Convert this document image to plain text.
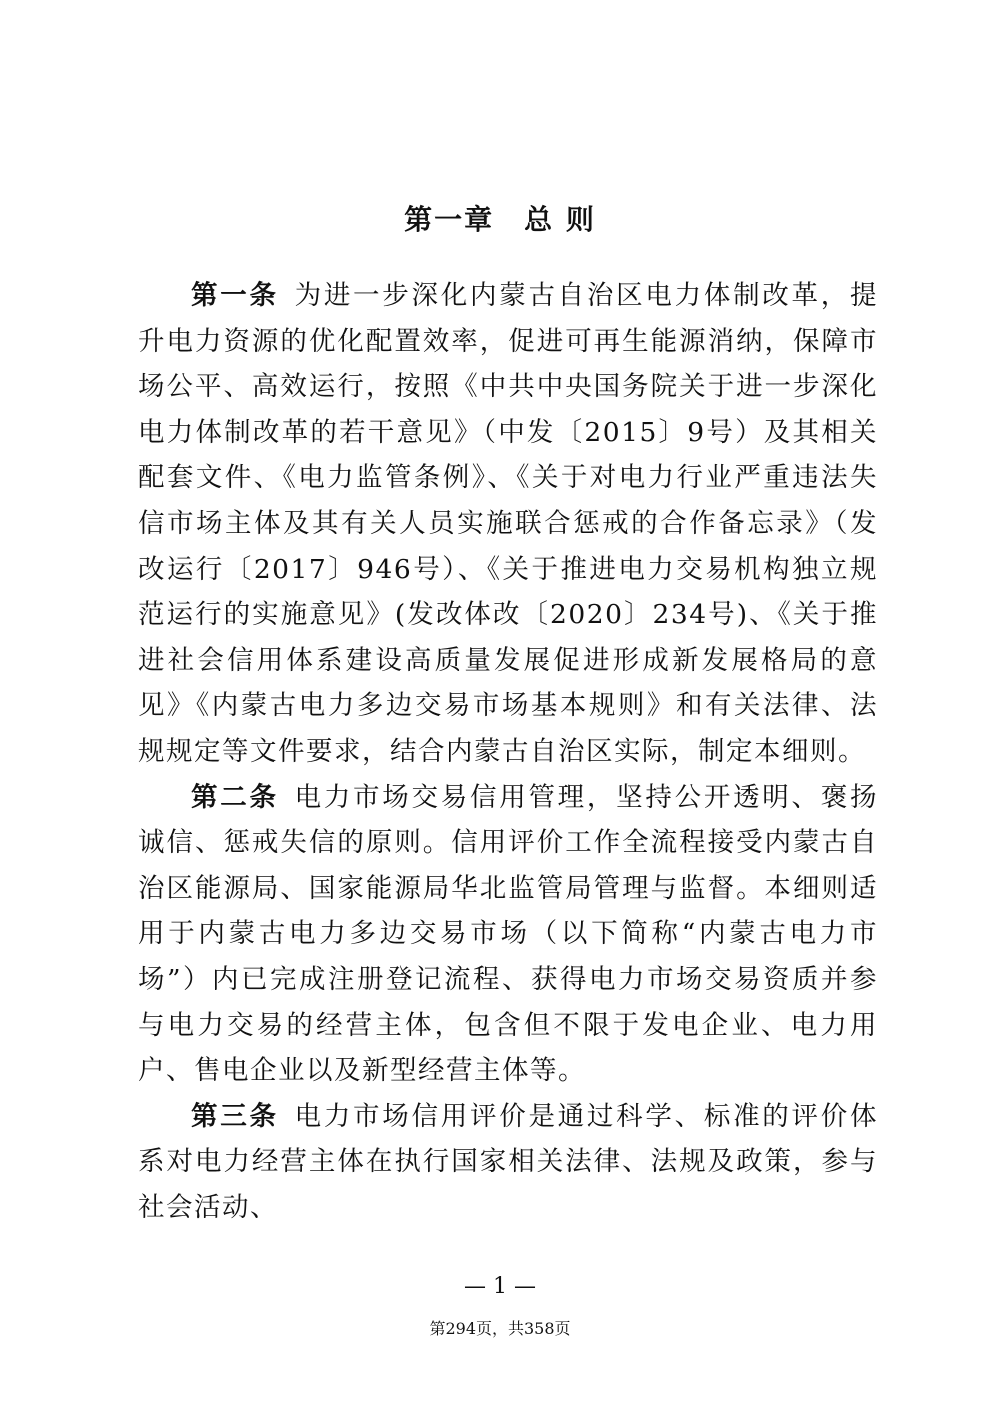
第一章 总 则

第一条 为进一步深化内蒙古自治区电力体制改革，提升电力资源的优化配置效率，促进可再生能源消纳，保障市场公平、高效运行，按照《中共中央国务院关于进一步深化电力体制改革的若干意见》（中发〔2015〕9号）及其相关配套文件、《电力监管条例》、《关于对电力行业严重违法失信市场主体及其有关人员实施联合惩戒的合作备忘录》（发改运行〔2017〕946号）、《关于推进电力交易机构独立规范运行的实施意见》(发改体改〔2020〕234号)、《关于推进社会信用体系建设高质量发展促进形成新发展格局的意见》《内蒙古电力多边交易市场基本规则》和有关法律、法规规定等文件要求，结合内蒙古自治区实际，制定本细则。

第二条 电力市场交易信用管理，坚持公开透明、褒扬诚信、惩戒失信的原则。信用评价工作全流程接受内蒙古自治区能源局、国家能源局华北监管局管理与监督。本细则适用于内蒙古电力多边交易市场（以下简称“内蒙古电力市场”）内已完成注册登记流程、获得电力市场交易资质并参与电力交易的经营主体，包含但不限于发电企业、电力用户、售电企业以及新型经营主体等。

第三条 电力市场信用评价是通过科学、标准的评价体系对电力经营主体在执行国家相关法律、法规及政策，参与社会活动、

— 1 —
第294页，共358页
